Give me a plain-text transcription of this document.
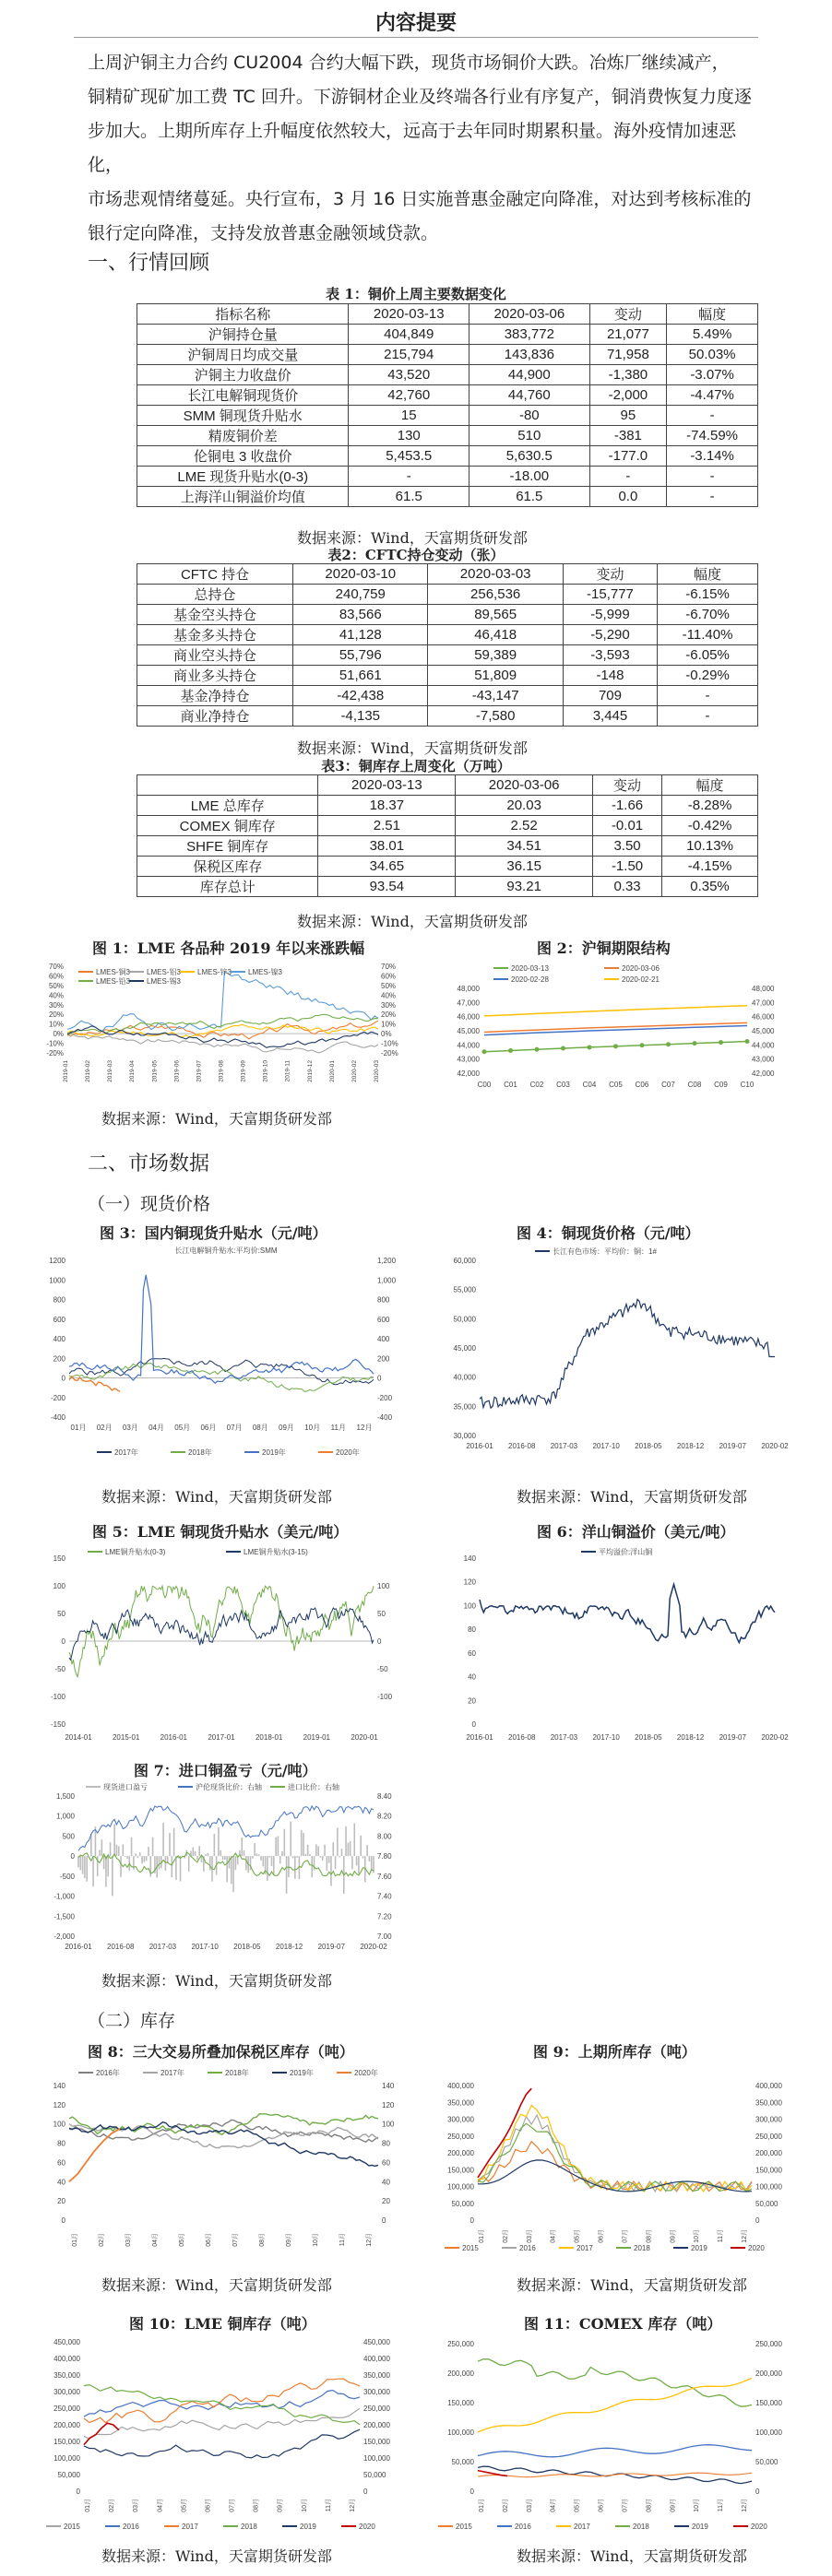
内容提要
上周沪铜主力合约 CU2004 合约大幅下跌，现货市场铜价大跌。冶炼厂继续减产，
铜精矿现矿加工费 TC 回升。下游铜材企业及终端各行业有序复产，铜消费恢复力度逐
步加大。上期所库存上升幅度依然较大，远高于去年同时期累积量。海外疫情加速恶化，
市场悲观情绪蔓延。央行宣布，3 月 16 日实施普惠金融定向降准，对达到考核标准的
银行定向降准，支持发放普惠金融领域贷款。
一、行情回顾
表 1：铜价上周主要数据变化
指标名称	2020-03-13	2020-03-06	变动	幅度
沪铜持仓量	404,849	383,772	21,077	5.49%
沪铜周日均成交量	215,794	143,836	71,958	50.03%
沪铜主力收盘价	43,520	44,900	-1,380	-3.07%
长江电解铜现货价	42,760	44,760	-2,000	-4.47%
SMM 铜现货升贴水	15	-80	95	-
精废铜价差	130	510	-381	-74.59%
伦铜电 3 收盘价	5,453.5	5,630.5	-177.0	-3.14%
LME 现货升贴水(0-3)	-	-18.00	-	-
上海洋山铜溢价均值	61.5	61.5	0.0	-
数据来源：Wind，天富期货研发部
表2：CFTC持仓变动（张）
CFTC 持仓	2020-03-10	2020-03-03	变动	幅度
总持仓	240,759	256,536	-15,777	-6.15%
基金空头持仓	83,566	89,565	-5,999	-6.70%
基金多头持仓	41,128	46,418	-5,290	-11.40%
商业空头持仓	55,796	59,389	-3,593	-6.05%
商业多头持仓	51,661	51,809	-148	-0.29%
基金净持仓	-42,438	-43,147	709	-
商业净持仓	-4,135	-7,580	3,445	-
数据来源：Wind，天富期货研发部
表3：铜库存上周变化（万吨）
	2020-03-13	2020-03-06	变动	幅度
LME 总库存	18.37	20.03	-1.66	-8.28%
COMEX 铜库存	2.51	2.52	-0.01	-0.42%
SHFE 铜库存	38.01	34.51	3.50	10.13%
保税区库存	34.65	36.15	-1.50	-4.15%
库存总计	93.54	93.21	0.33	0.35%
数据来源：Wind，天富期货研发部
图 1：LME 各品种 2019 年以来涨跌幅	图 2：沪铜期限结构
70%
60%
50%
40%
30%
20%
10%
0%
-10%
-20%
70%
60%
50%
40%
30%
20%
10%
0%
-10%
-20%
LMES-铜3 LMES-铝3 LMES-锌3 LMES-镍3
LMES-铅3 LMES-锡3
2019-01	2019-02	2019-03	2019-04	2019-05	2019-06	2019-07	2019-08	2019-09	2019-10	2019-11	2019-12	2020-01	2020-02	2020-03
48,000
47,000
46,000
45,000
44,000
43,000
42,000
48,000
47,000
46,000
45,000
44,000
43,000
42,000
C00 C01 C02 C03 C04 C05 C06 C07 C08 C09 C10
2020-03-13	2020-03-06
2020-02-28	2020-02-21
数据来源：Wind，天富期货研发部
二、市场数据
（一）现货价格
图 3：国内铜现货升贴水（元/吨）	图 4：铜现货价格（元/吨）
长江电解铜升贴水:平均价:SMM
1200
1000
800
600
400
200
0
-200
-400
1,200
1,000
800
600
400
200
0
-200
-400
01月 02月 03月 04月 05月 06月 07月 08月 09月 10月 11月 12月
2017年	2018年	2019年	2020年
60,000
55,000
50,000
45,000
40,000
35,000
30,000
长江有色市场：平均价：铜：1#
2016-01 2016-08 2017-03 2017-10 2018-05 2018-12 2019-07 2020-02
数据来源：Wind，天富期货研发部	数据来源：Wind，天富期货研发部
图 5：LME 铜现货升贴水（美元/吨）	图 6：洋山铜溢价（美元/吨）
150
100
50
0
-50
-100
-150
100
50
0
-50
-100
LME铜升贴水(0-3)	LME铜升贴水(3-15)
2014-01	2015-01	2016-01	2017-01	2018-01	2019-01	2020-01
140
120
100
80
60
40
20
0
平均溢价:洋山铜
2016-01 2016-08 2017-03 2017-10 2018-05 2018-12 2019-07 2020-02
图 7：进口铜盈亏（元/吨）
1,500
1,000
500
0
-500
-1,000
-1,500
-2,000
8.40
8.20
8.00
7.80
7.60
7.40
7.20
7.00
现货进口盈亏	沪伦现货比价：右轴	进口比价：右轴
2016-01 2016-08 2017-03 2017-10 2018-05 2018-12 2019-07 2020-02
数据来源：Wind，天富期货研发部
（二）库存
图 8：三大交易所叠加保税区库存（吨）	图 9：上期所库存（吨）
140
120
100
80
60
40
20
0
140
120
100
80
60
40
20
0
2016年	2017年	2018年	2019年	2020年
01月	02月	03月	04月	05月	06月	07月	08月	09月	10月	11月	12月
400,000
350,000
300,000
250,000
200,000
150,000
100,000
50,000
0
400,000
350,000
300,000
250,000
200,000
150,000
100,000
50,000
0
01月	02月	03月	04月	05月	06月	07月	08月	09月	10月	11月	12月
2015	2016	2017	2018	2019	2020
数据来源：Wind，天富期货研发部	数据来源：Wind，天富期货研发部
图 10：LME 铜库存（吨）	图 11：COMEX 库存（吨）
450,000
400,000
350,000
300,000
250,000
200,000
150,000
100,000
50,000
0
450,000
400,000
350,000
300,000
250,000
200,000
150,000
100,000
50,000
0
01月	02月	03月	04月	05月	06月	07月	08月	09月	10月	11月	12月
2015	2016	2017	2018	2019	2020
250,000
200,000
150,000
100,000
50,000
0
250,000
200,000
150,000
100,000
50,000
0
01月	02月	03月	04月	05月	06月	07月	08月	09月	10月	11月	12月
2015	2016	2017	2018	2019	2020
数据来源：Wind，天富期货研发部	数据来源：Wind，天富期货研发部
